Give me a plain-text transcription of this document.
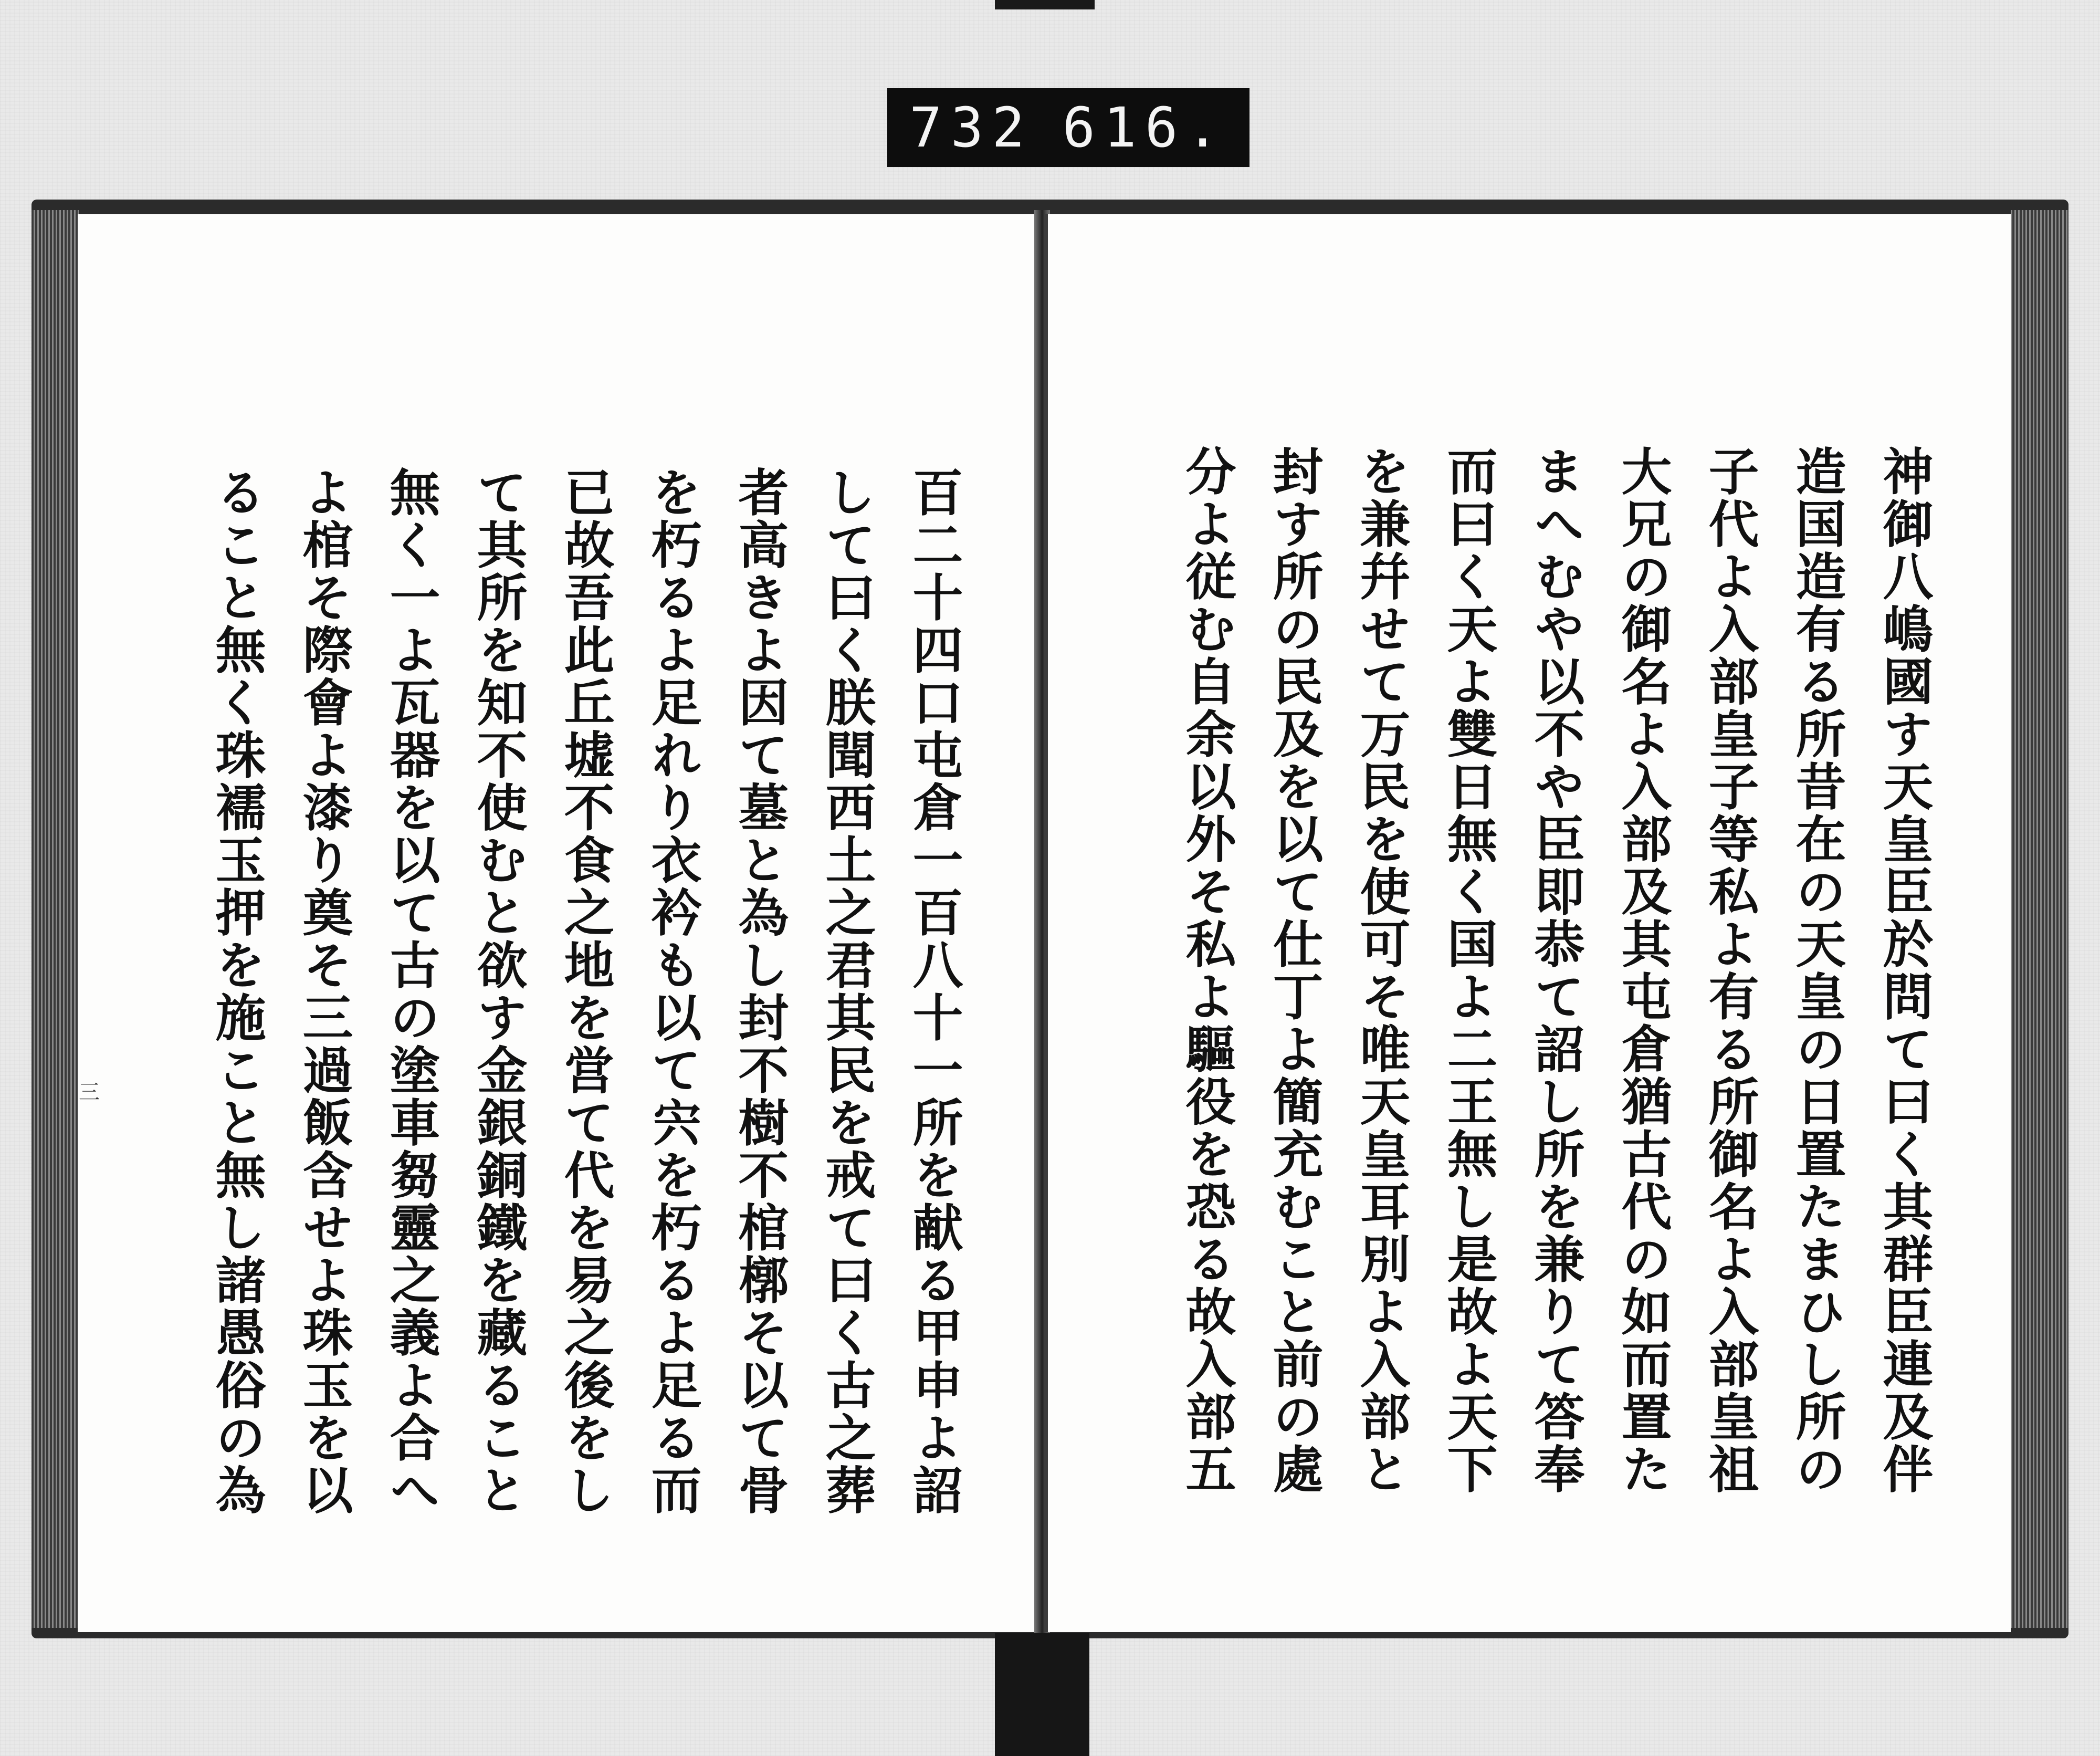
732 616.
三	百二十四口屯倉一百八十一所を献る甲申よ詔
して曰く朕聞西土之君其民を戒て曰く古之葬
者高きよ因て墓と為し封不樹不棺槨そ以て骨
を朽るよ足れり衣衿も以て宍を朽るよ足る而
已故吾此丘墟不食之地を営て代を易之後をし
て其所を知不使むと欲す金銀銅鐵を藏ること
無く一よ瓦器を以て古の塗車芻靈之義よ合へ
よ棺そ際會よ漆り奠そ三過飯含せよ珠玉を以
ること無く珠襦玉押を施こと無し諸愚俗の為	神御八嶋國す天皇臣於問て曰く其群臣連及伴
造国造有る所昔在の天皇の日置たまひし所の
子代よ入部皇子等私よ有る所御名よ入部皇祖
大兄の御名よ入部及其屯倉猶古代の如而置た
まへむや以不や臣即恭て詔し所を兼りて答奉
而曰く天よ雙日無く国よ二王無し是故よ天下
を兼幷せて万民を使可そ唯天皇耳別よ入部と
封す所の民及を以て仕丁よ簡充むこと前の處
分よ従む自余以外そ私よ驅役を恐る故入部五
